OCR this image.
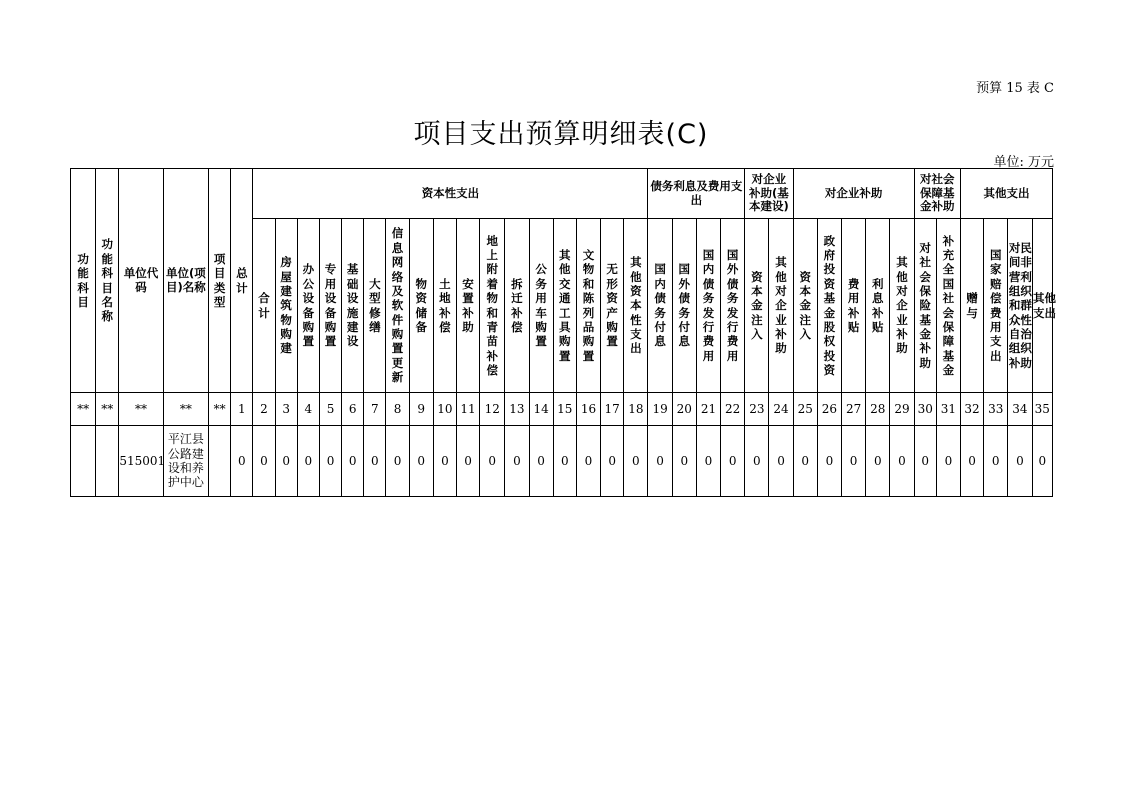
预算 15 表 C
项目支出预算明细表(C)
单位: 万元
功能科目	功能科目名称	单位代码	单位(项目)名称	项目类型	总计	资本性支出																	债务利息及费用支出				对企业补助(基本建设)		对企业补助					对社会保障基金补助		其他支出			

						合计	房屋建筑物购建	办公设备购置	专用设备购置	基础设施建设	大型修缮	信息网络及软件购置更新	物资储备	土地补偿	安置补助	地上附着物和青苗补偿	拆迁补偿	公务用车购置	其他交通工具购置	文物和陈列品购置	无形资产购置	其他资本性支出	国内债务付息	国外债务付息	国内债务发行费用	国外债务发行费用	资本金注入	其他对企业补助	资本金注入	政府投资基金股权投资	费用补贴	利息补贴	其他对企业补助	对社会保险基金补助	补充全国社会保障基金	赠与	国家赔偿费用支出	对民间非营利组织和群众性自治组织补助	其他支出

**	**	**	**	**	1	2	3	4	5	6	7	8	9	10	11	12	13	14	15	16	17	18	19	20	21	22	23	24	25	26	27	28	29	30	31	32	33	34	35
		515001	平江县公路建设和养护中心		0	0	0	0	0	0	0	0	0	0	0	0	0	0	0	0	0	0	0	0	0	0	0	0	0	0	0	0	0	0	0	0	0	0	0
